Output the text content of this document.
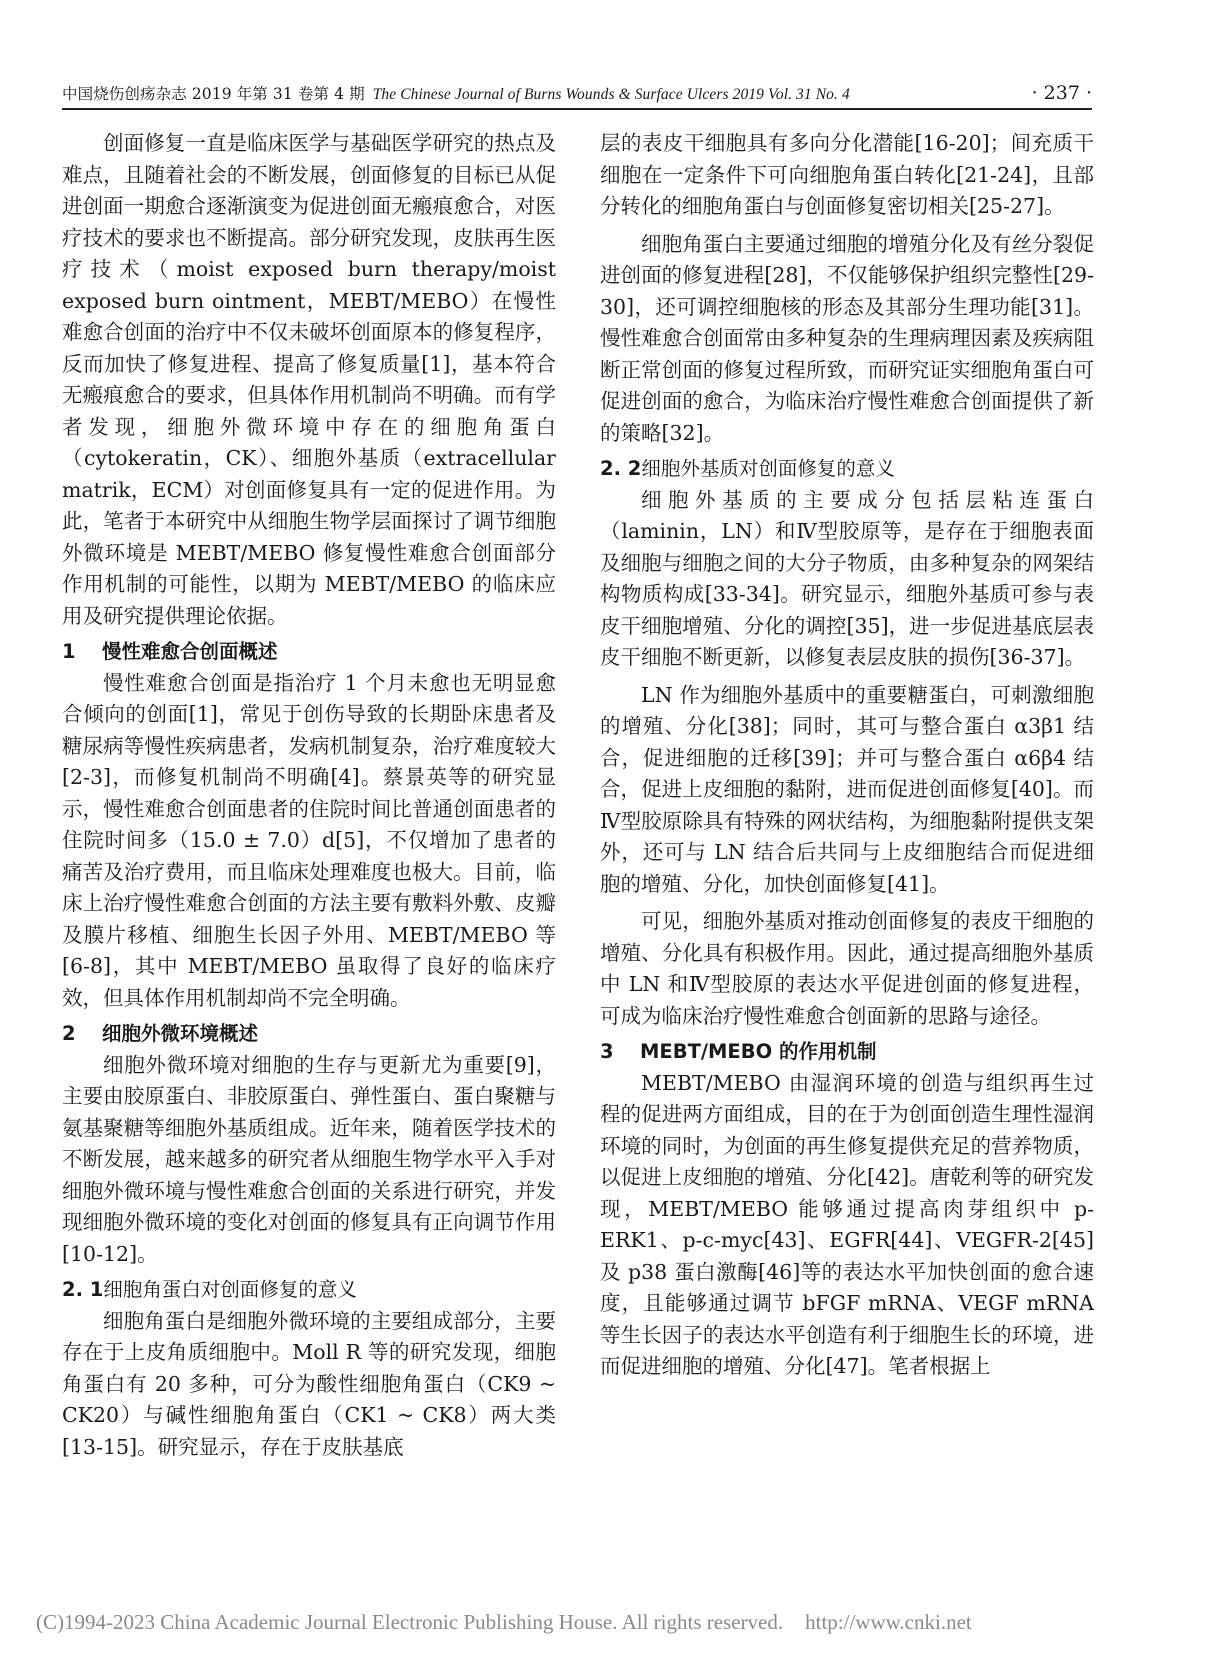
中国烧伤创疡杂志 2019 年第 31 卷第 4 期 The Chinese Journal of Burns Wounds & Surface Ulcers 2019 Vol. 31 No. 4	· 237 ·

创面修复一直是临床医学与基础医学研究的热点及难点，且随着社会的不断发展，创面修复的目标已从促进创面一期愈合逐渐演变为促进创面无瘢痕愈合，对医疗技术的要求也不断提高。部分研究发现，皮肤再生医疗技术（moist exposed burn therapy/moist exposed burn ointment，MEBT/MEBO）在慢性难愈合创面的治疗中不仅未破坏创面原本的修复程序，反而加快了修复进程、提高了修复质量[1]，基本符合无瘢痕愈合的要求，但具体作用机制尚不明确。而有学者发现，细胞外微环境中存在的细胞角蛋白（cytokeratin，CK）、细胞外基质（extracellular matrik，ECM）对创面修复具有一定的促进作用。为此，笔者于本研究中从细胞生物学层面探讨了调节细胞外微环境是 MEBT/MEBO 修复慢性难愈合创面部分作用机制的可能性，以期为 MEBT/MEBO 的临床应用及研究提供理论依据。

1 慢性难愈合创面概述

慢性难愈合创面是指治疗 1 个月未愈也无明显愈合倾向的创面[1]，常见于创伤导致的长期卧床患者及糖尿病等慢性疾病患者，发病机制复杂，治疗难度较大[2-3]，而修复机制尚不明确[4]。蔡景英等的研究显示，慢性难愈合创面患者的住院时间比普通创面患者的住院时间多（15.0 ± 7.0）d[5]，不仅增加了患者的痛苦及治疗费用，而且临床处理难度也极大。目前，临床上治疗慢性难愈合创面的方法主要有敷料外敷、皮瓣及膜片移植、细胞生长因子外用、MEBT/MEBO 等[6-8]，其中 MEBT/MEBO 虽取得了良好的临床疗效，但具体作用机制却尚不完全明确。

2 细胞外微环境概述

细胞外微环境对细胞的生存与更新尤为重要[9]，主要由胶原蛋白、非胶原蛋白、弹性蛋白、蛋白聚糖与氨基聚糖等细胞外基质组成。近年来，随着医学技术的不断发展，越来越多的研究者从细胞生物学水平入手对细胞外微环境与慢性难愈合创面的关系进行研究，并发现细胞外微环境的变化对创面的修复具有正向调节作用[10-12]。

2. 1细胞角蛋白对创面修复的意义

细胞角蛋白是细胞外微环境的主要组成部分，主要存在于上皮角质细胞中。Moll R 等的研究发现，细胞角蛋白有 20 多种，可分为酸性细胞角蛋白（CK9 ~ CK20）与碱性细胞角蛋白（CK1 ~ CK8）两大类[13-15]。研究显示，存在于皮肤基底

层的表皮干细胞具有多向分化潜能[16-20]；间充质干细胞在一定条件下可向细胞角蛋白转化[21-24]，且部分转化的细胞角蛋白与创面修复密切相关[25-27]。

细胞角蛋白主要通过细胞的增殖分化及有丝分裂促进创面的修复进程[28]，不仅能够保护组织完整性[29-30]，还可调控细胞核的形态及其部分生理功能[31]。慢性难愈合创面常由多种复杂的生理病理因素及疾病阻断正常创面的修复过程所致，而研究证实细胞角蛋白可促进创面的愈合，为临床治疗慢性难愈合创面提供了新的策略[32]。

2. 2细胞外基质对创面修复的意义

细胞外基质的主要成分包括层粘连蛋白（laminin，LN）和Ⅳ型胶原等，是存在于细胞表面及细胞与细胞之间的大分子物质，由多种复杂的网架结构物质构成[33-34]。研究显示，细胞外基质可参与表皮干细胞增殖、分化的调控[35]，进一步促进基底层表皮干细胞不断更新，以修复表层皮肤的损伤[36-37]。

LN 作为细胞外基质中的重要糖蛋白，可刺激细胞的增殖、分化[38]；同时，其可与整合蛋白 α3β1 结合，促进细胞的迁移[39]；并可与整合蛋白 α6β4 结合，促进上皮细胞的黏附，进而促进创面修复[40]。而Ⅳ型胶原除具有特殊的网状结构，为细胞黏附提供支架外，还可与 LN 结合后共同与上皮细胞结合而促进细胞的增殖、分化，加快创面修复[41]。

可见，细胞外基质对推动创面修复的表皮干细胞的增殖、分化具有积极作用。因此，通过提高细胞外基质中 LN 和Ⅳ型胶原的表达水平促进创面的修复进程，可成为临床治疗慢性难愈合创面新的思路与途径。

3 MEBT/MEBO 的作用机制

MEBT/MEBO 由湿润环境的创造与组织再生过程的促进两方面组成，目的在于为创面创造生理性湿润环境的同时，为创面的再生修复提供充足的营养物质，以促进上皮细胞的增殖、分化[42]。唐乾利等的研究发现，MEBT/MEBO 能够通过提高肉芽组织中 p-ERK1、p-c-myc[43]、EGFR[44]、VEGFR-2[45]及 p38 蛋白激酶[46]等的表达水平加快创面的愈合速度，且能够通过调节 bFGF mRNA、VEGF mRNA 等生长因子的表达水平创造有利于细胞生长的环境，进而促进细胞的增殖、分化[47]。笔者根据上

(C)1994-2023 China Academic Journal Electronic Publishing House. All rights reserved. http://www.cnki.net
